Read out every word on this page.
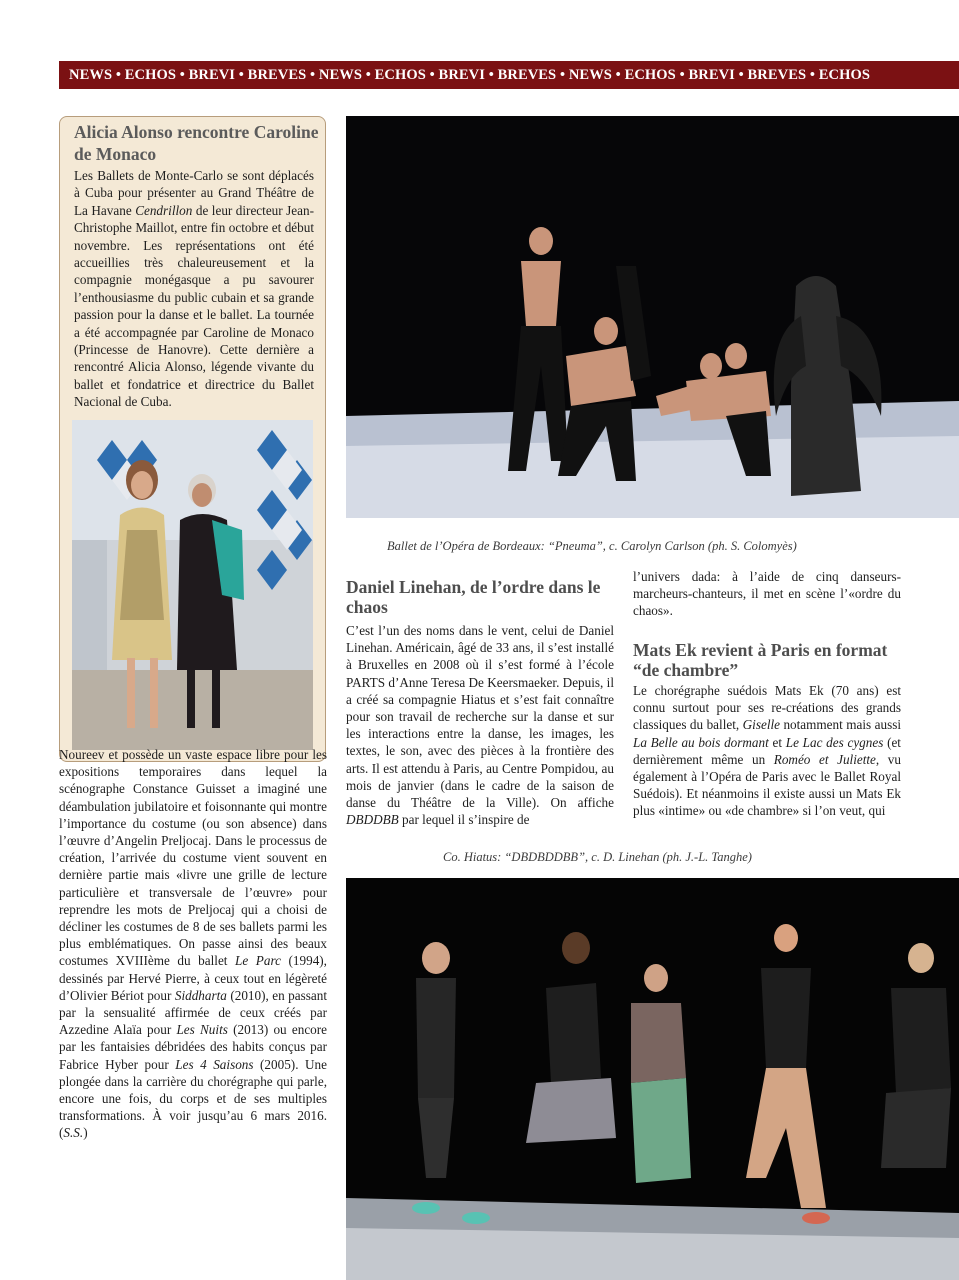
NEWS • ECHOS • BREVI • BREVES • NEWS • ECHOS • BREVI • BREVES • NEWS • ECHOS • BREVI • BREVES • ECHOS
Alicia Alonso rencontre Caroline de Monaco

Les Ballets de Monte-Carlo se sont déplacés à Cuba pour présenter au Grand Théâtre de La Havane Cendrillon de leur directeur Jean-Christophe Maillot, entre fin octobre et début novembre. Les représentations ont été accueillies très chaleureusement et la compagnie monégasque a pu savourer l’enthousiasme du public cubain et sa grande passion pour la danse et le ballet. La tournée a été accompagnée par Caroline de Monaco (Princesse de Hanovre). Cette dernière a rencontré Alicia Alonso, légende vivante du ballet et fondatrice et directrice du Ballet Nacional de Cuba.

Ballet de l’Opéra de Bordeaux: “Pneuma”, c. Carolyn Carlson (ph. S. Colomyès)
Daniel Linehan, de l’ordre dans le chaos

C’est l’un des noms dans le vent, celui de Daniel Linehan. Américain, âgé de 33 ans, il s’est installé à Bruxelles en 2008 où il s’est formé à l’école PARTS d’Anne Teresa De Keersmaeker. Depuis, il a créé sa compagnie Hiatus et s’est fait connaître pour son travail de recherche sur la danse et sur les interactions entre la danse, les images, les textes, le son, avec des pièces à la frontière des arts. Il est attendu à Paris, au Centre Pompidou, au mois de janvier (dans le cadre de la saison de danse du Théâtre de la Ville). On affiche DBDDBB par lequel il s’inspire de

l’univers dada: à l’aide de cinq danseurs-marcheurs-chanteurs, il met en scène l’«ordre du chaos».

Mats Ek revient à Paris en format “de chambre”

Le chorégraphe suédois Mats Ek (70 ans) est connu surtout pour ses re-créations des grands classiques du ballet, Giselle notamment mais aussi La Belle au bois dormant et Le Lac des cygnes (et dernièrement même un Roméo et Juliette, vu également à l’Opéra de Paris avec le Ballet Royal Suédois). Et néanmoins il existe aussi un Mats Ek plus «intime» ou «de chambre» si l’on veut, qui

Co. Hiatus: “DBDBDDBB”, c. D. Linehan (ph. J.-L. Tanghe)

Noureev et possède un vaste espace libre pour les expositions temporaires dans lequel la scénographe Constance Guisset a imaginé une déambulation jubilatoire et foisonnante qui montre l’importance du costume (ou son absence) dans l’œuvre d’Angelin Preljocaj. Dans le processus de création, l’arrivée du costume vient souvent en dernière partie mais «livre une grille de lecture particulière et transversale de l’œuvre» pour reprendre les mots de Preljocaj qui a choisi de décliner les costumes de 8 de ses ballets parmi les plus emblématiques. On passe ainsi des beaux costumes XVIIIème du ballet Le Parc (1994), dessinés par Hervé Pierre, à ceux tout en légèreté d’Olivier Bériot pour Siddharta (2010), en passant par la sensualité affirmée de ceux créés par Azzedine Alaïa pour Les Nuits (2013) ou encore par les fantaisies débridées des habits conçus par Fabrice Hyber pour Les 4 Saisons (2005). Une plongée dans la carrière du chorégraphe qui parle, encore une fois, du corps et de ses multiples transformations. À voir jusqu’au 6 mars 2016. (S.S.)
